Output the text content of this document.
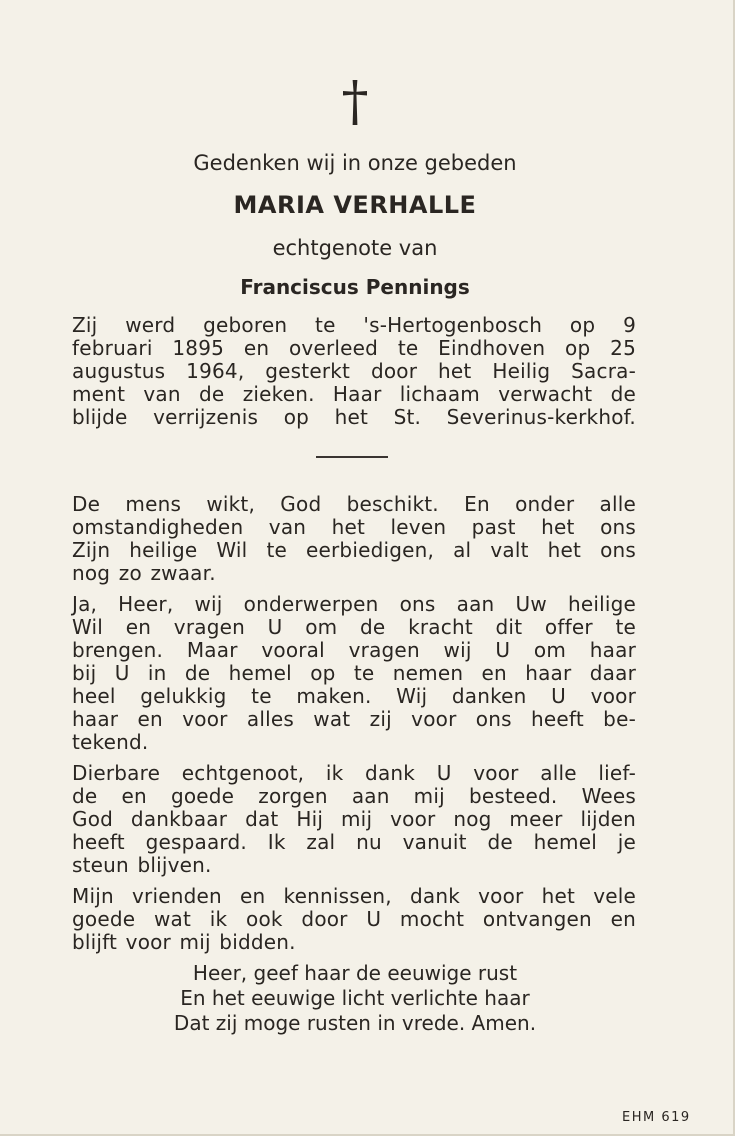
†
Gedenken wij in onze gebeden
MARIA VERHALLE
echtgenote van
Franciscus Pennings
Zij werd geboren te 's-Hertogenbosch op 9
februari 1895 en overleed te Eindhoven op 25
augustus 1964, gesterkt door het Heilig Sacra-
ment van de zieken. Haar lichaam verwacht de
blijde verrijzenis op het St. Severinus-kerkhof.
De mens wikt, God beschikt. En onder alle
omstandigheden van het leven past het ons
Zijn heilige Wil te eerbiedigen, al valt het ons
nog zo zwaar.
Ja, Heer, wij onderwerpen ons aan Uw heilige
Wil en vragen U om de kracht dit offer te
brengen. Maar vooral vragen wij U om haar
bij U in de hemel op te nemen en haar daar
heel gelukkig te maken. Wij danken U voor
haar en voor alles wat zij voor ons heeft be-
tekend.
Dierbare echtgenoot, ik dank U voor alle lief-
de en goede zorgen aan mij besteed. Wees
God dankbaar dat Hij mij voor nog meer lijden
heeft gespaard. Ik zal nu vanuit de hemel je
steun blijven.
Mijn vrienden en kennissen, dank voor het vele
goede wat ik ook door U mocht ontvangen en
blijft voor mij bidden.
Heer, geef haar de eeuwige rust
En het eeuwige licht verlichte haar
Dat zij moge rusten in vrede. Amen.
EHM 619
